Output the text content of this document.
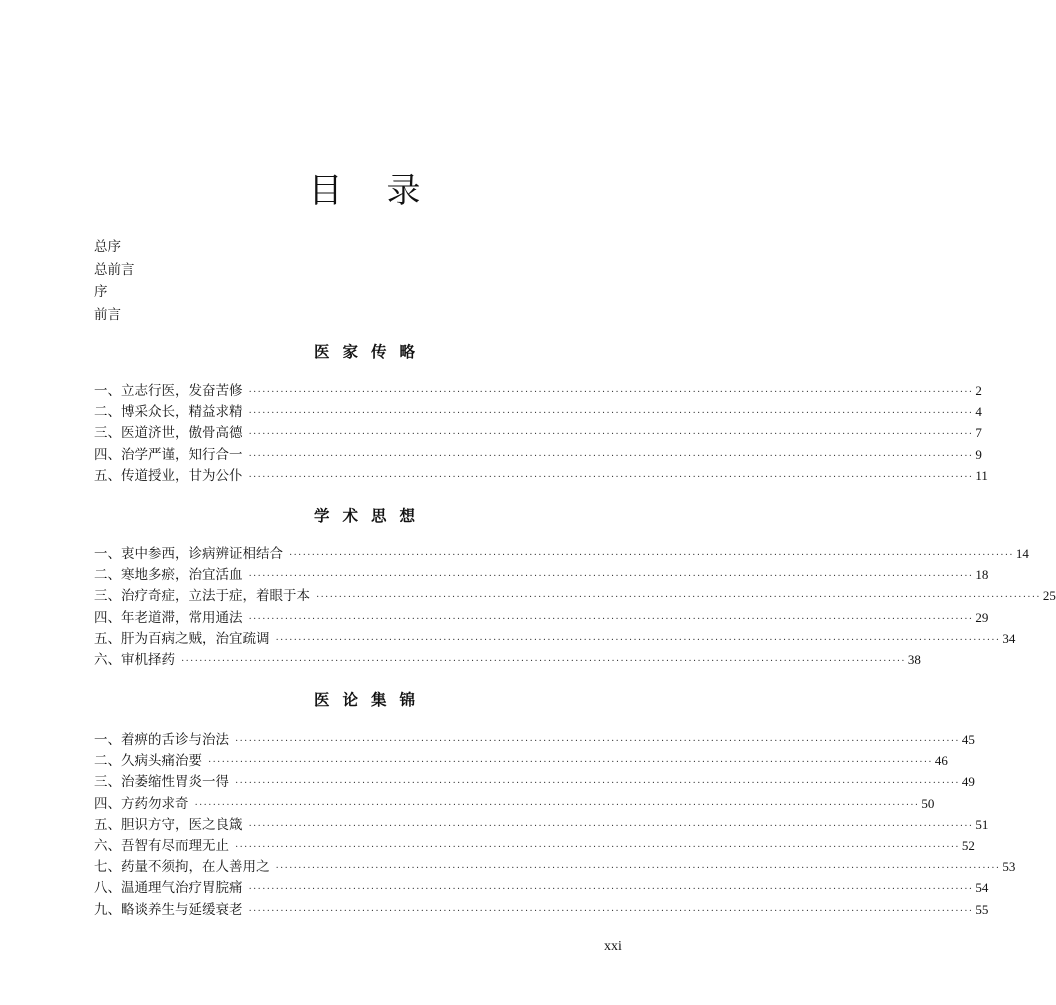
目录
总序
总前言
序
前言
医家传略
一、立志行医，发奋苦修 ································································································································································ 2
二、博采众长，精益求精 ································································································································································ 4
三、医道济世，傲骨高德 ································································································································································ 7
四、治学严谨，知行合一 ································································································································································ 9
五、传道授业，甘为公仆 ································································································································································ 11
学术思想
一、衷中参西，诊病辨证相结合 ································································································································································ 14
二、寒地多瘀，治宜活血 ································································································································································ 18
三、治疗奇症，立法于症，着眼于本 ································································································································································ 25
四、年老道滞，常用通法 ································································································································································ 29
五、肝为百病之贼，治宜疏调 ································································································································································ 34
六、审机择药 ································································································································································ 38
医论集锦
一、着痹的舌诊与治法 ································································································································································ 45
二、久病头痛治要 ································································································································································ 46
三、治萎缩性胃炎一得 ································································································································································ 49
四、方药勿求奇 ································································································································································ 50
五、胆识方守，医之良箴 ································································································································································ 51
六、吾智有尽而理无止 ································································································································································ 52
七、药量不须拘，在人善用之 ································································································································································ 53
八、温通理气治疗胃脘痛 ································································································································································ 54
九、略谈养生与延缓衰老 ································································································································································ 55
xxi
